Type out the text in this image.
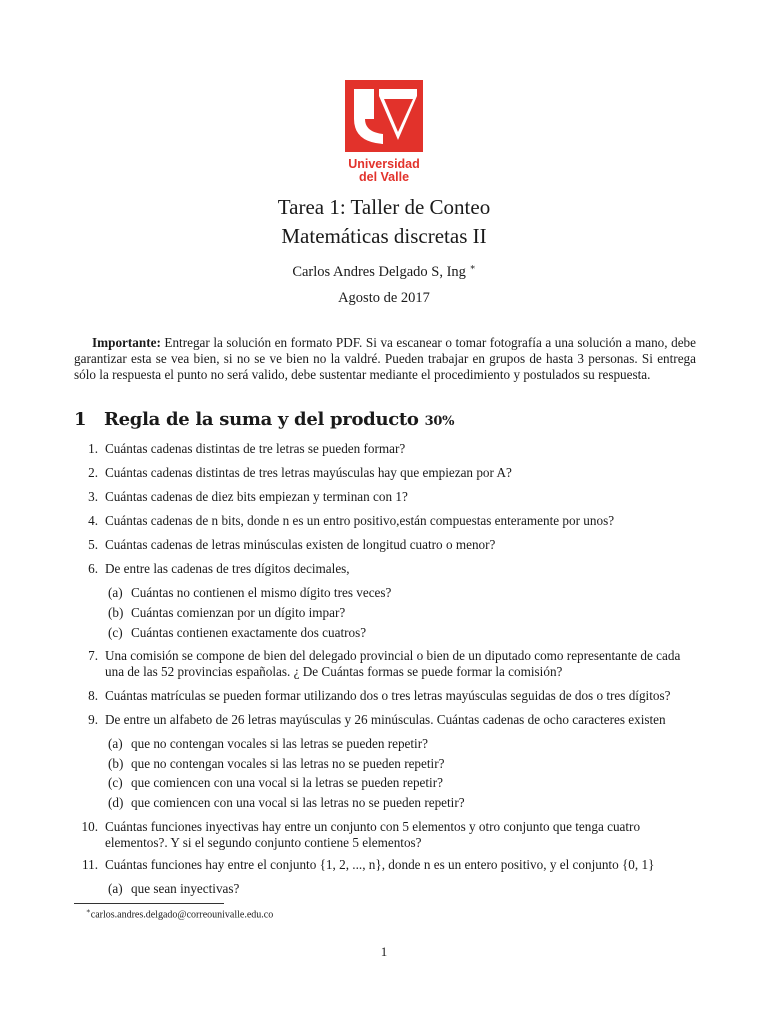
Universidad
del Valle
Tarea 1: Taller de Conteo
Matemáticas discretas II
Carlos Andres Delgado S, Ing ∗
Agosto de 2017
Importante: Entregar la solución en formato PDF. Si va escanear o tomar fotografía a una solución a mano, debe garantizar esta se vea bien, si no se ve bien no la valdré. Pueden trabajar en grupos de hasta 3 personas. Si entrega sólo la respuesta el punto no será valido, debe sustentar mediante el procedimiento y postulados su respuesta.
1 Regla de la suma y del producto 30%
1. Cuántas cadenas distintas de tre letras se pueden formar?
2. Cuántas cadenas distintas de tres letras mayúsculas hay que empiezan por A?
3. Cuántas cadenas de diez bits empiezan y terminan con 1?
4. Cuántas cadenas de n bits, donde n es un entro positivo,están compuestas enteramente por unos?
5. Cuántas cadenas de letras minúsculas existen de longitud cuatro o menor?
6. De entre las cadenas de tres dígitos decimales,
(a) Cuántas no contienen el mismo dígito tres veces?
(b) Cuántas comienzan por un dígito impar?
(c) Cuántas contienen exactamente dos cuatros?
7. Una comisión se compone de bien del delegado provincial o bien de un diputado como representante de cada una de las 52 provincias españolas. ¿ De Cuántas formas se puede formar la comisión?
8. Cuántas matrículas se pueden formar utilizando dos o tres letras mayúsculas seguidas de dos o tres dígitos?
9. De entre un alfabeto de 26 letras mayúsculas y 26 minúsculas. Cuántas cadenas de ocho caracteres existen
(a) que no contengan vocales si las letras se pueden repetir?
(b) que no contengan vocales si las letras no se pueden repetir?
(c) que comiencen con una vocal si la letras se pueden repetir?
(d) que comiencen con una vocal si las letras no se pueden repetir?
10. Cuántas funciones inyectivas hay entre un conjunto con 5 elementos y otro conjunto que tenga cuatro elementos?. Y si el segundo conjunto contiene 5 elementos?
11. Cuántas funciones hay entre el conjunto {1, 2, ..., n}, donde n es un entero positivo, y el conjunto {0, 1}
(a) que sean inyectivas?
∗carlos.andres.delgado@correounivalle.edu.co
1
